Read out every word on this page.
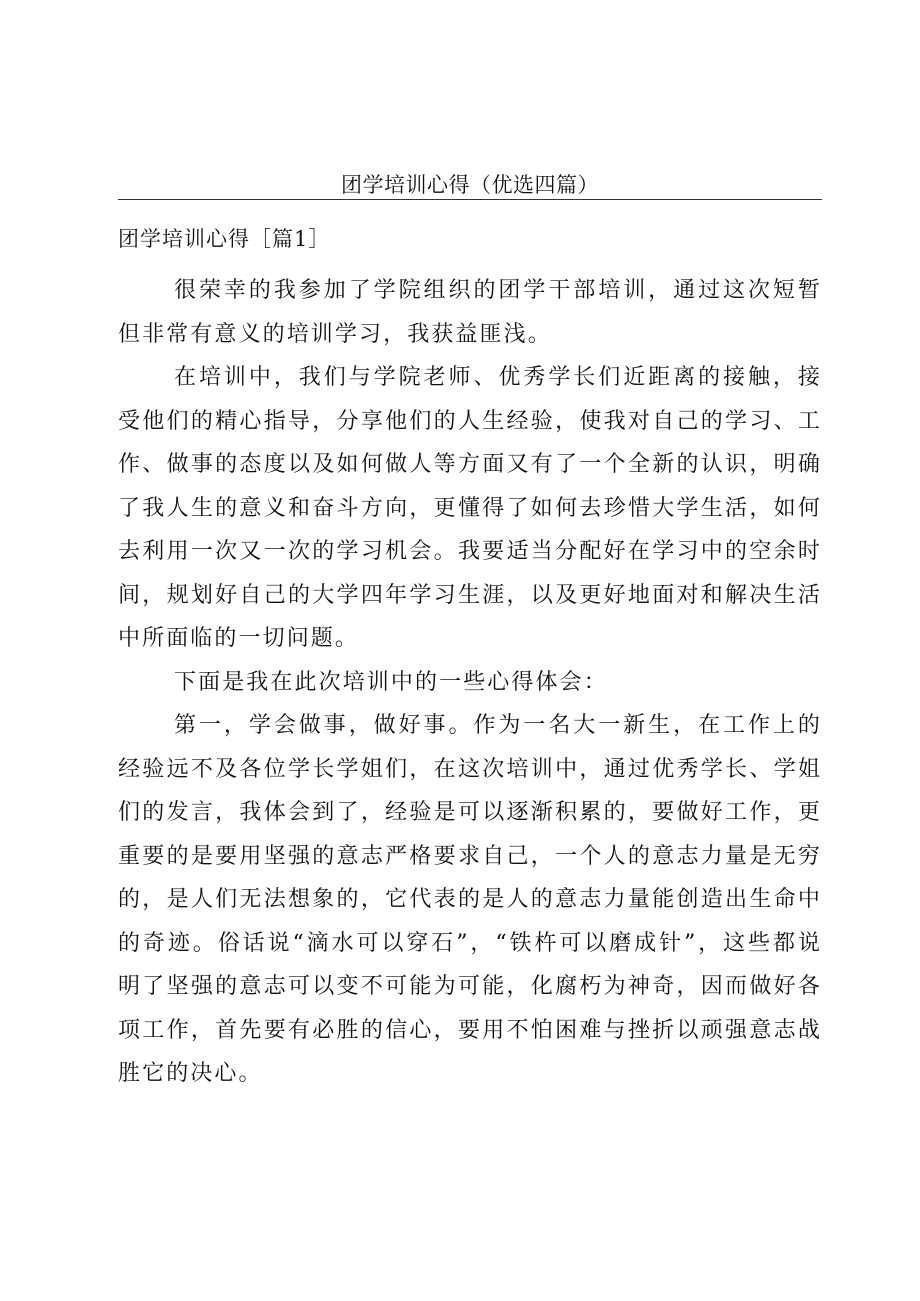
团学培训心得（优选四篇）
团学培训心得［篇1］

很荣幸的我参加了学院组织的团学干部培训，通过这次短暂但非常有意义的培训学习，我获益匪浅。

在培训中，我们与学院老师、优秀学长们近距离的接触，接受他们的精心指导，分享他们的人生经验，使我对自己的学习、工作、做事的态度以及如何做人等方面又有了一个全新的认识，明确了我人生的意义和奋斗方向，更懂得了如何去珍惜大学生活，如何去利用一次又一次的学习机会。我要适当分配好在学习中的空余时间，规划好自己的大学四年学习生涯，以及更好地面对和解决生活中所面临的一切问题。

下面是我在此次培训中的一些心得体会：

第一，学会做事，做好事。作为一名大一新生，在工作上的经验远不及各位学长学姐们，在这次培训中，通过优秀学长、学姐们的发言，我体会到了，经验是可以逐渐积累的，要做好工作，更重要的是要用坚强的意志严格要求自己，一个人的意志力量是无穷的，是人们无法想象的，它代表的是人的意志力量能创造出生命中的奇迹。俗话说“滴水可以穿石”，“铁杵可以磨成针”，这些都说明了坚强的意志可以变不可能为可能，化腐朽为神奇，因而做好各项工作，首先要有必胜的信心，要用不怕困难与挫折以顽强意志战胜它的决心。
